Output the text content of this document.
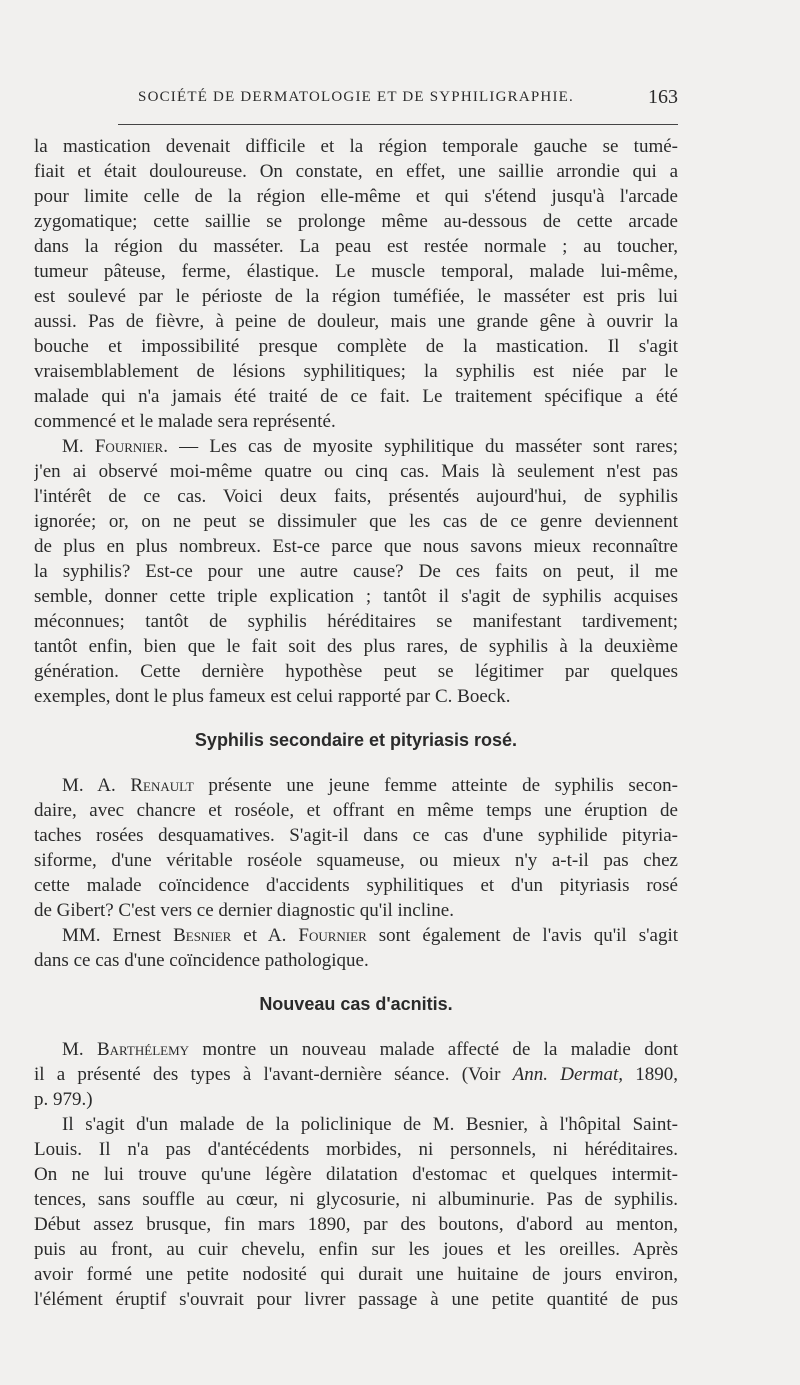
SOCIÉTÉ DE DERMATOLOGIE ET DE SYPHILIGRAPHIE.	163
la mastication devenait difficile et la région temporale gauche se tumé-
fiait et était douloureuse. On constate, en effet, une saillie arrondie qui a
pour limite celle de la région elle-même et qui s'étend jusqu'à l'arcade
zygomatique; cette saillie se prolonge même au-dessous de cette arcade
dans la région du masséter. La peau est restée normale ; au toucher,
tumeur pâteuse, ferme, élastique. Le muscle temporal, malade lui-même,
est soulevé par le périoste de la région tuméfiée, le masséter est pris lui
aussi. Pas de fièvre, à peine de douleur, mais une grande gêne à ouvrir la
bouche et impossibilité presque complète de la mastication. Il s'agit
vraisemblablement de lésions syphilitiques; la syphilis est niée par le
malade qui n'a jamais été traité de ce fait. Le traitement spécifique a été
commencé et le malade sera représenté.
M. Fournier. — Les cas de myosite syphilitique du masséter sont rares;
j'en ai observé moi-même quatre ou cinq cas. Mais là seulement n'est pas
l'intérêt de ce cas. Voici deux faits, présentés aujourd'hui, de syphilis
ignorée; or, on ne peut se dissimuler que les cas de ce genre deviennent
de plus en plus nombreux. Est-ce parce que nous savons mieux reconnaître
la syphilis? Est-ce pour une autre cause? De ces faits on peut, il me
semble, donner cette triple explication ; tantôt il s'agit de syphilis acquises
méconnues; tantôt de syphilis héréditaires se manifestant tardivement;
tantôt enfin, bien que le fait soit des plus rares, de syphilis à la deuxième
génération. Cette dernière hypothèse peut se légitimer par quelques
exemples, dont le plus fameux est celui rapporté par C. Boeck.
Syphilis secondaire et pityriasis rosé.
M. A. Renault présente une jeune femme atteinte de syphilis secon-
daire, avec chancre et roséole, et offrant en même temps une éruption de
taches rosées desquamatives. S'agit-il dans ce cas d'une syphilide pityria-
siforme, d'une véritable roséole squameuse, ou mieux n'y a-t-il pas chez
cette malade coïncidence d'accidents syphilitiques et d'un pityriasis rosé
de Gibert? C'est vers ce dernier diagnostic qu'il incline.
MM. Ernest Besnier et A. Fournier sont également de l'avis qu'il s'agit
dans ce cas d'une coïncidence pathologique.
Nouveau cas d'acnitis.
M. Barthélemy montre un nouveau malade affecté de la maladie dont
il a présenté des types à l'avant-dernière séance. (Voir Ann. Dermat, 1890,
p. 979.)
Il s'agit d'un malade de la policlinique de M. Besnier, à l'hôpital Saint-
Louis. Il n'a pas d'antécédents morbides, ni personnels, ni héréditaires.
On ne lui trouve qu'une légère dilatation d'estomac et quelques intermit-
tences, sans souffle au cœur, ni glycosurie, ni albuminurie. Pas de syphilis.
Début assez brusque, fin mars 1890, par des boutons, d'abord au menton,
puis au front, au cuir chevelu, enfin sur les joues et les oreilles. Après
avoir formé une petite nodosité qui durait une huitaine de jours environ,
l'élément éruptif s'ouvrait pour livrer passage à une petite quantité de pus
